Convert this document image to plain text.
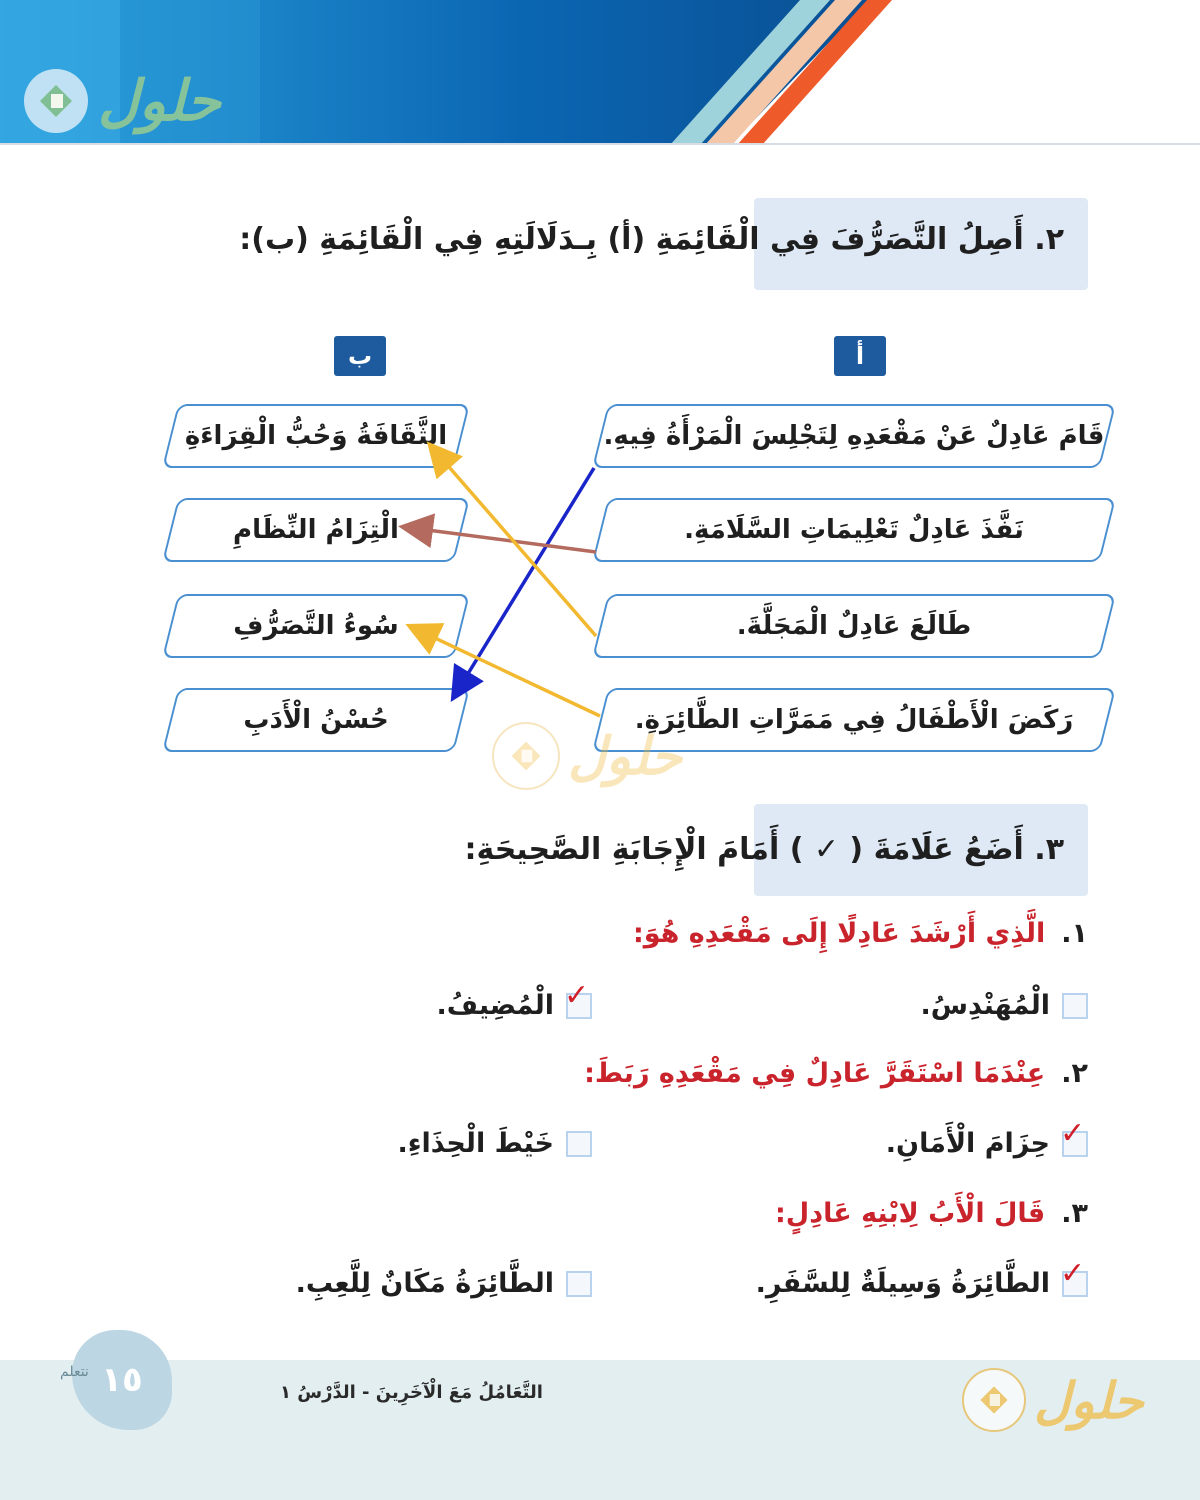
حلول
٢. أَصِلُ التَّصَرُّفَ فِي الْقَائِمَةِ (أ) بِـدَلَالَتِهِ فِي الْقَائِمَةِ (ب):
ب	أ
قَامَ عَادِلٌ عَنْ مَقْعَدِهِ لِتَجْلِسَ الْمَرْأَةُ فِيهِ.
نَفَّذَ عَادِلٌ تَعْلِيمَاتِ السَّلَامَةِ.
طَالَعَ عَادِلٌ الْمَجَلَّةَ.
رَكَضَ الْأَطْفَالُ فِي مَمَرَّاتِ الطَّائِرَةِ.
الثَّقَافَةُ وَحُبُّ الْقِرَاءَةِ
الْتِزَامُ النِّظَامِ
سُوءُ التَّصَرُّفِ
حُسْنُ الْأَدَبِ
حلول
٣. أَضَعُ عَلَامَةَ ( ✓ ) أَمَامَ الْإِجَابَةِ الصَّحِيحَةِ:
١.
الَّذِي أَرْشَدَ عَادِلًا إِلَى مَقْعَدِهِ هُوَ:
الْمُهَنْدِسُ.
✓
الْمُضِيفُ.
٢.
عِنْدَمَا اسْتَقَرَّ عَادِلٌ فِي مَقْعَدِهِ رَبَطَ:
✓
حِزَامَ الْأَمَانِ.
خَيْطَ الْحِذَاءِ.
٣.
قَالَ الْأَبُ لِابْنِهِ عَادِلٍ:
✓
الطَّائِرَةُ وَسِيلَةٌ لِلسَّفَرِ.
الطَّائِرَةُ مَكَانٌ لِلَّعِبِ.
١٥
نتعلم
التَّعَامُلُ مَعَ الْآخَرِينَ - الدَّرْسُ ١	حلول
